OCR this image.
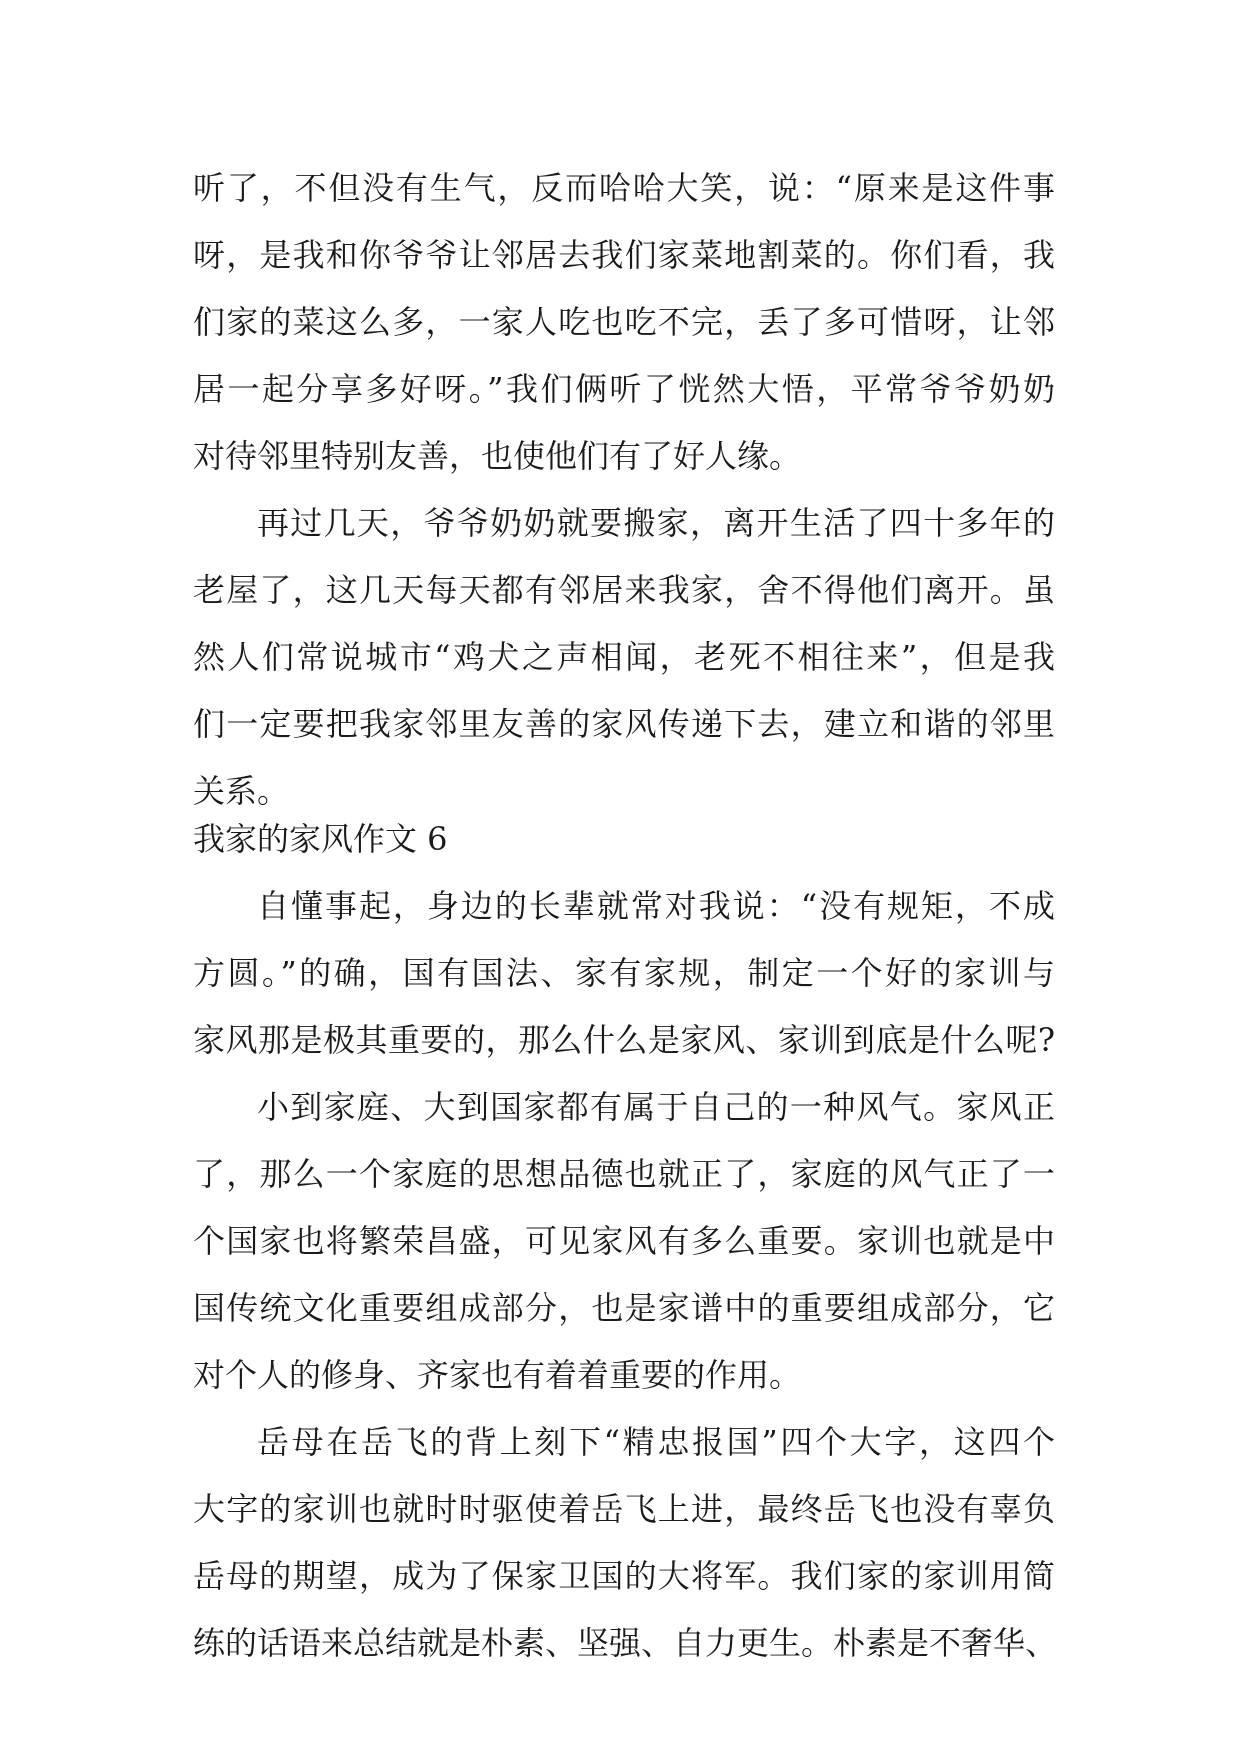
听了，不但没有生气，反而哈哈大笑，说：“原来是这件事
呀，是我和你爷爷让邻居去我们家菜地割菜的。你们看，我
们家的菜这么多，一家人吃也吃不完，丢了多可惜呀，让邻
居一起分享多好呀。”我们俩听了恍然大悟，平常爷爷奶奶
对待邻里特别友善，也使他们有了好人缘。
再过几天，爷爷奶奶就要搬家，离开生活了四十多年的
老屋了，这几天每天都有邻居来我家，舍不得他们离开。虽
然人们常说城市“鸡犬之声相闻，老死不相往来”，但是我
们一定要把我家邻里友善的家风传递下去，建立和谐的邻里
关系。
我家的家风作文 6
自懂事起，身边的长辈就常对我说：“没有规矩，不成
方圆。”的确，国有国法、家有家规，制定一个好的家训与
家风那是极其重要的，那么什么是家风、家训到底是什么呢?
小到家庭、大到国家都有属于自己的一种风气。家风正
了，那么一个家庭的思想品德也就正了，家庭的风气正了一
个国家也将繁荣昌盛，可见家风有多么重要。家训也就是中
国传统文化重要组成部分，也是家谱中的重要组成部分，它
对个人的修身、齐家也有着着重要的作用。
岳母在岳飞的背上刻下“精忠报国”四个大字，这四个
大字的家训也就时时驱使着岳飞上进，最终岳飞也没有辜负
岳母的期望，成为了保家卫国的大将军。我们家的家训用简
练的话语来总结就是朴素、坚强、自力更生。朴素是不奢华、
